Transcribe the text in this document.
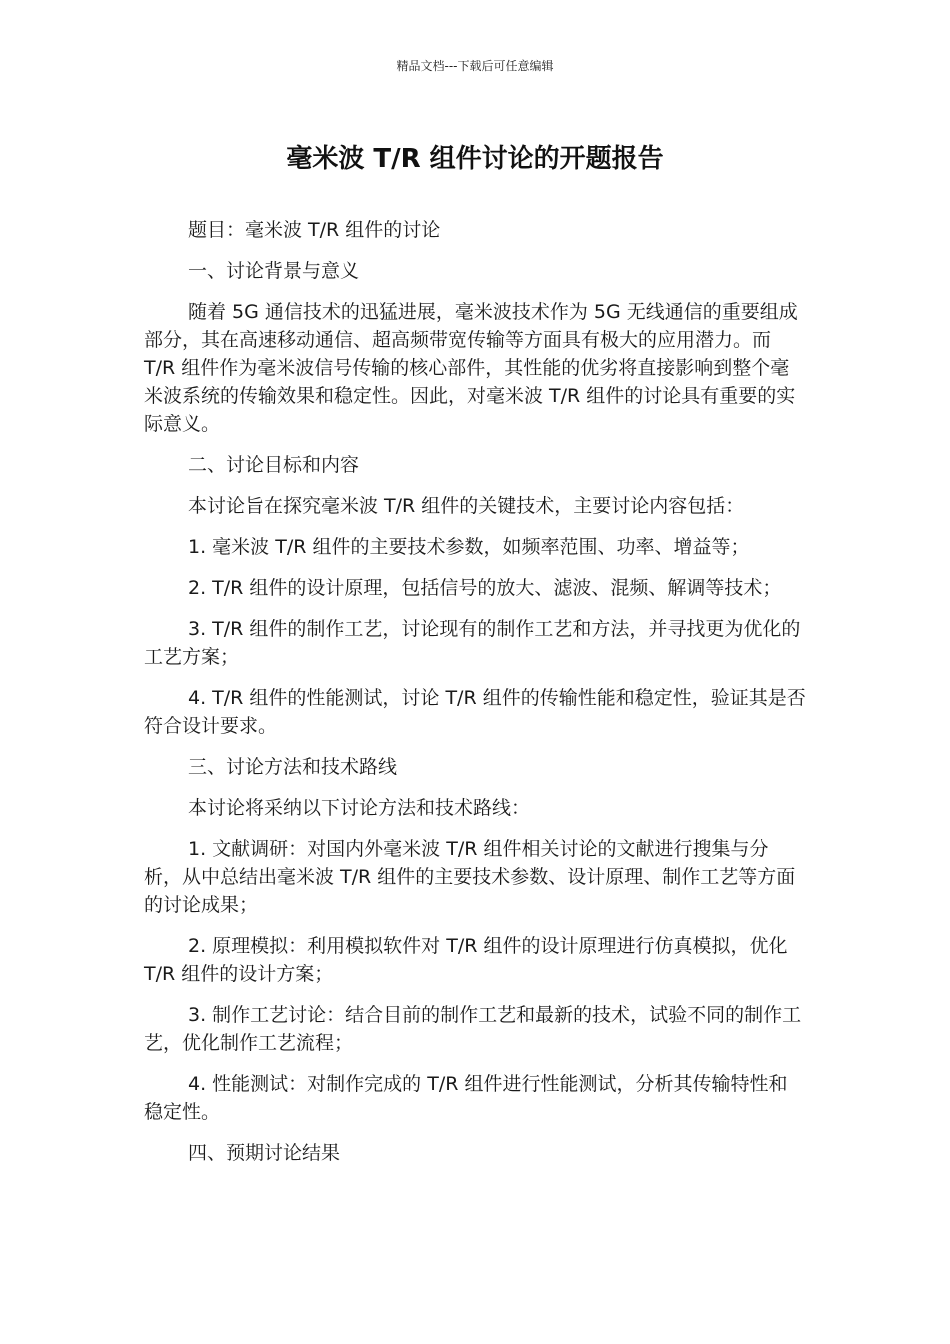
精品文档---下载后可任意编辑
毫米波 T/R 组件讨论的开题报告

题目：毫米波 T/R 组件的讨论

一、讨论背景与意义

随着 5G 通信技术的迅猛进展，毫米波技术作为 5G 无线通信的重要组成部分，其在高速移动通信、超高频带宽传输等方面具有极大的应用潜力。而 T/R 组件作为毫米波信号传输的核心部件，其性能的优劣将直接影响到整个毫米波系统的传输效果和稳定性。因此，对毫米波 T/R 组件的讨论具有重要的实际意义。

二、讨论目标和内容

本讨论旨在探究毫米波 T/R 组件的关键技术，主要讨论内容包括：

1. 毫米波 T/R 组件的主要技术参数，如频率范围、功率、增益等；

2. T/R 组件的设计原理，包括信号的放大、滤波、混频、解调等技术；

3. T/R 组件的制作工艺，讨论现有的制作工艺和方法，并寻找更为优化的工艺方案；

4. T/R 组件的性能测试，讨论 T/R 组件的传输性能和稳定性，验证其是否符合设计要求。

三、讨论方法和技术路线

本讨论将采纳以下讨论方法和技术路线：

1. 文献调研：对国内外毫米波 T/R 组件相关讨论的文献进行搜集与分析，从中总结出毫米波 T/R 组件的主要技术参数、设计原理、制作工艺等方面的讨论成果；

2. 原理模拟：利用模拟软件对 T/R 组件的设计原理进行仿真模拟，优化 T/R 组件的设计方案；

3. 制作工艺讨论：结合目前的制作工艺和最新的技术，试验不同的制作工艺，优化制作工艺流程；

4. 性能测试：对制作完成的 T/R 组件进行性能测试，分析其传输特性和稳定性。

四、预期讨论结果
